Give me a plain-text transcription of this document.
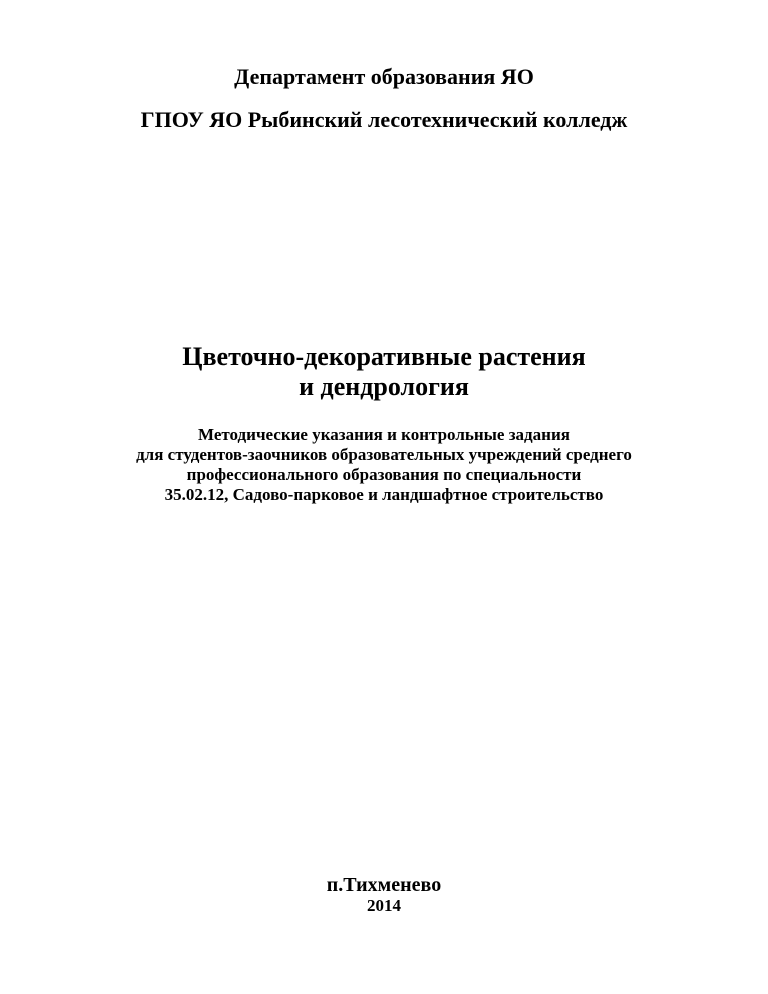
Департамент образования ЯО

ГПОУ ЯО Рыбинский лесотехнический колледж

Цветочно-декоративные растения
и дендрология

Методические указания и контрольные задания

для студентов-заочников образовательных учреждений среднего

профессионального образования по специальности

35.02.12, Садово-парковое и ландшафтное строительство

п.Тихменево

2014
